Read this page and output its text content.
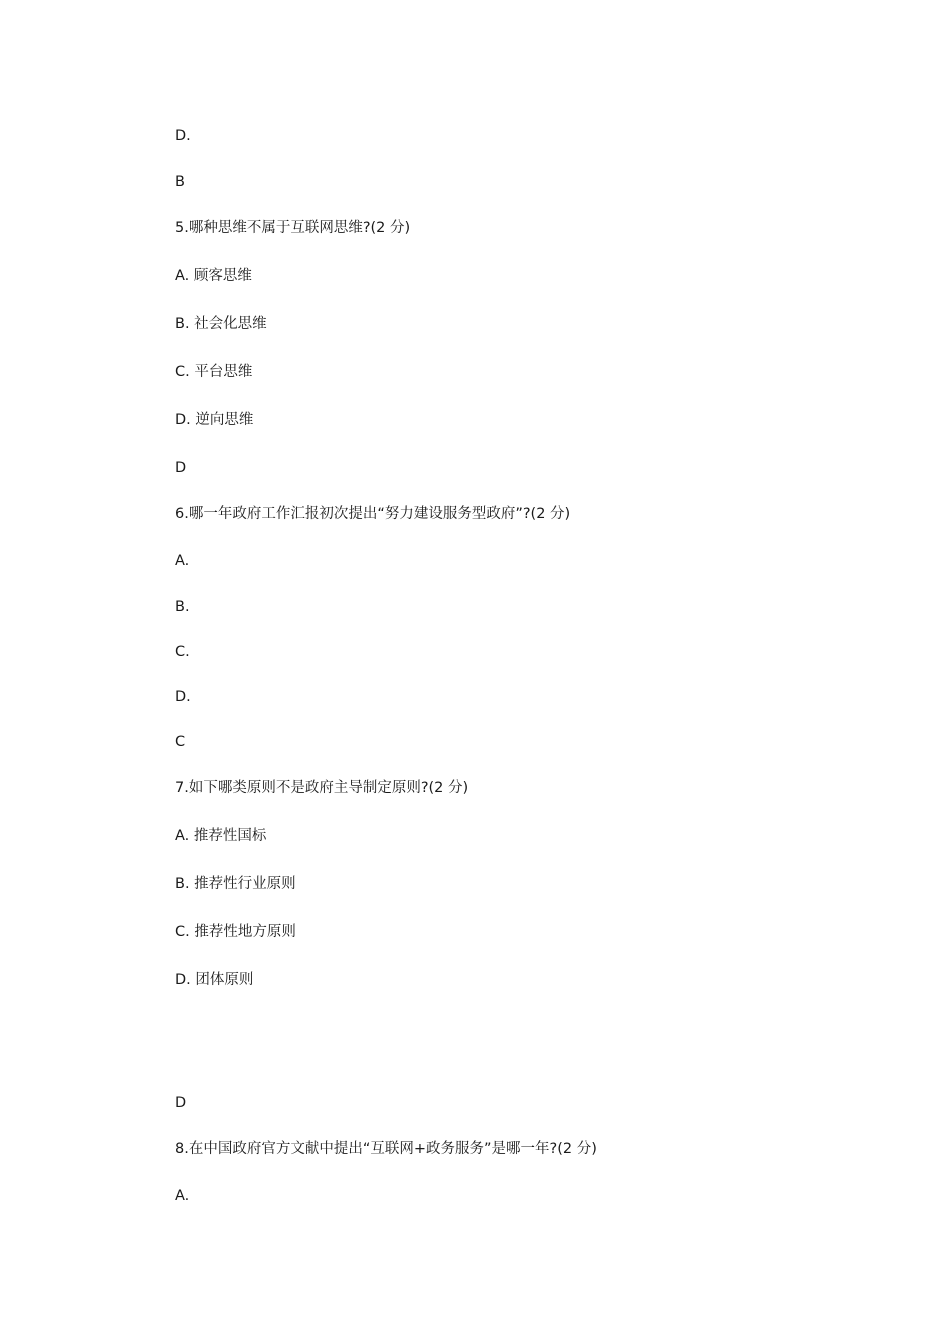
D.
B
5.哪种思维不属于互联网思维?(2 分)
A. 顾客思维
B. 社会化思维
C. 平台思维
D. 逆向思维
D
6.哪一年政府工作汇报初次提出“努力建设服务型政府”?(2 分)
A.
B.
C.
D.
C
7.如下哪类原则不是政府主导制定原则?(2 分)
A. 推荐性国标
B. 推荐性行业原则
C. 推荐性地方原则
D. 团体原则
D
8.在中国政府官方文献中提出“互联网+政务服务”是哪一年?(2 分)
A.
